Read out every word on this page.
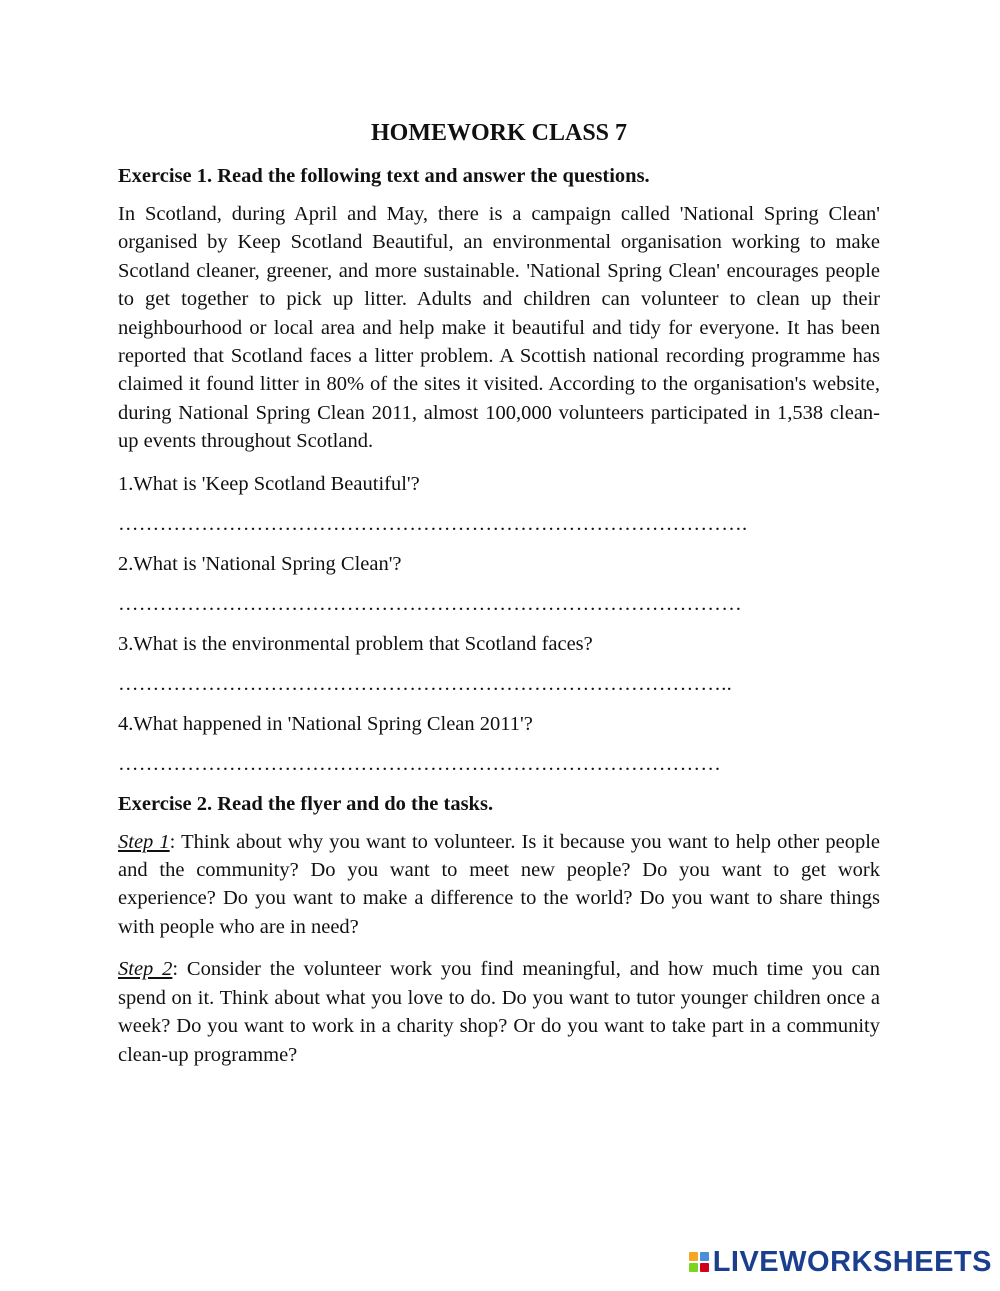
HOMEWORK CLASS 7
Exercise 1. Read the following text and answer the questions.
In Scotland, during April and May, there is a campaign called 'National Spring Clean' organised by Keep Scotland Beautiful, an environmental organisation working to make Scotland cleaner, greener, and more sustainable. 'National Spring Clean' encourages people to get together to pick up litter. Adults and children can volunteer to clean up their neighbourhood or local area and help make it beautiful and tidy for everyone. It has been reported that Scotland faces a litter problem. A Scottish national recording programme has claimed it found litter in 80% of the sites it visited. According to the organisation's website, during National Spring Clean 2011, almost 100,000 volunteers participated in 1,538 clean-up events throughout Scotland.
1.What is 'Keep Scotland Beautiful'?
……………………………………………………………………………….
2.What is 'National Spring Clean'?
………………………………………………………………………………
3.What is the environmental problem that Scotland faces?
……………………………………………………………………………..
4.What happened in 'National Spring Clean 2011'?
……………………………………………………………………………
Exercise 2. Read the flyer and do the tasks.
Step 1: Think about why you want to volunteer. Is it because you want to help other people and the community? Do you want to meet new people? Do you want to get work experience? Do you want to make a difference to the world? Do you want to share things with people who are in need?
Step 2: Consider the volunteer work you find meaningful, and how much time you can spend on it. Think about what you love to do. Do you want to tutor younger children once a week? Do you want to work in a charity shop? Or do you want to take part in a community clean-up programme?
LIVEWORKSHEETS
